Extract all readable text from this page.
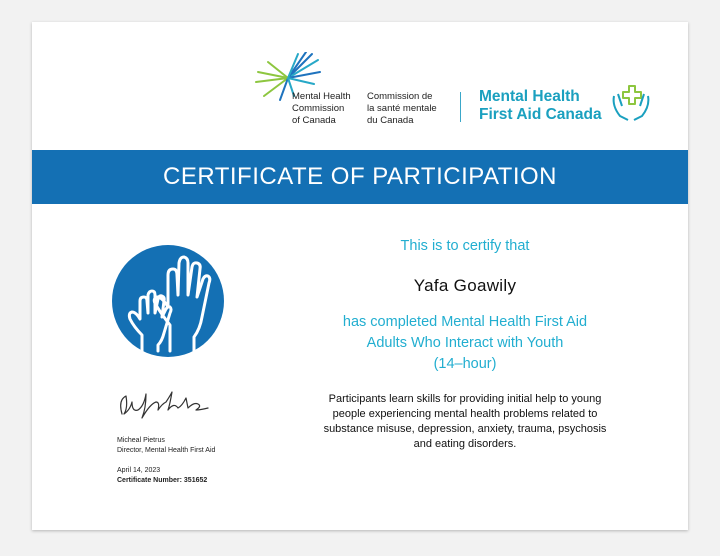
Mental Health
Commission
of Canada
Commission de
la santé mentale
du Canada
Mental Health
First Aid Canada
CERTIFICATE OF PARTICIPATION
This is to certify that
Yafa Goawily
has completed Mental Health First Aid
Adults Who Interact with Youth
(14–hour)
Participants learn skills for providing initial help to young
people experiencing mental health problems related to
substance misuse, depression, anxiety, trauma, psychosis
and eating disorders.
Micheal Pietrus
Director, Mental Health First Aid
April 14, 2023
Certificate Number: 351652
